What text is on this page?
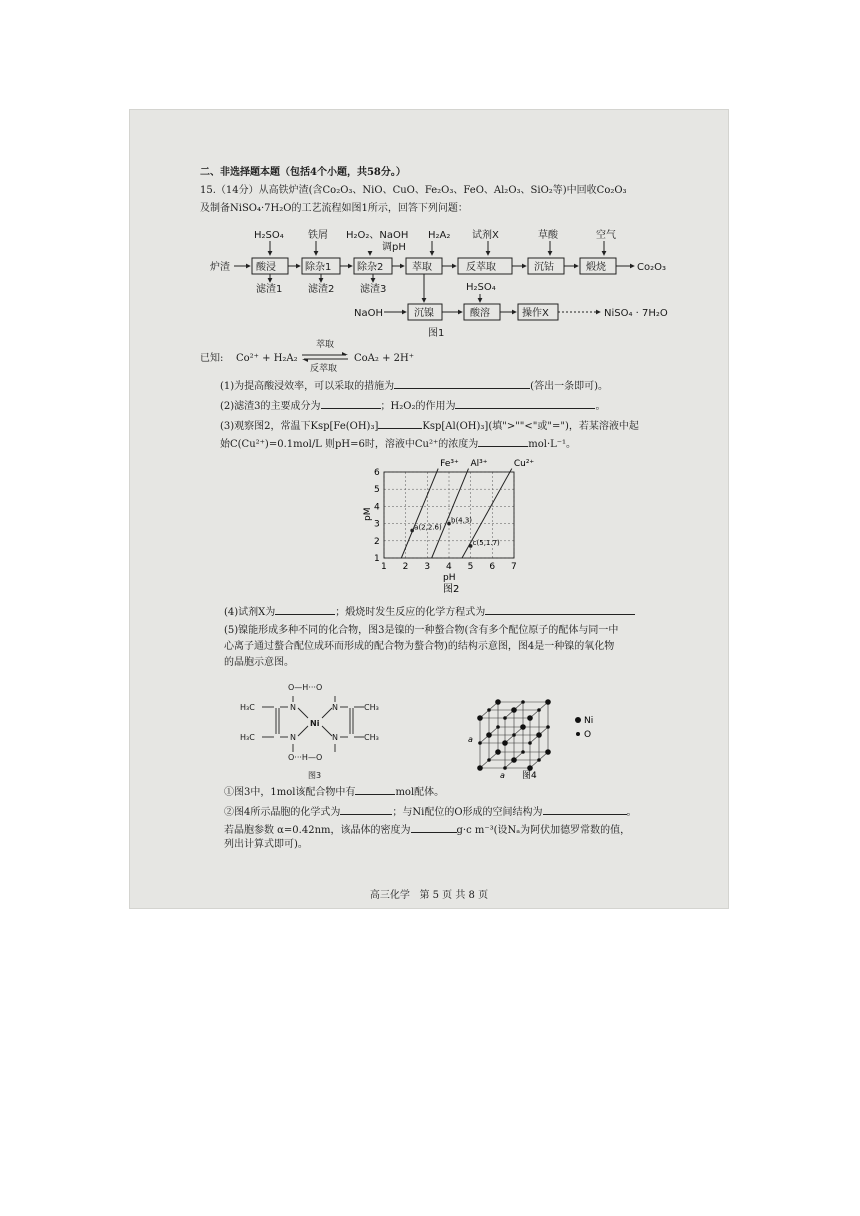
二、非选择题本题（包括4个小题，共58分。）
15.（14分）从高铁炉渣(含Co₂O₃、NiO、CuO、Fe₂O₃、FeO、Al₂O₃、SiO₂等)中回收Co₂O₃
及制备NiSO₄·7H₂O的工艺流程如图1所示，回答下列问题：
炉渣
H₂SO₄ 铁屑 H₂O₂、NaOH
调pH
H₂A₂ 试剂X	草酸	空气
酸浸	除杂1	除杂2	萃取	反萃取	沉钴	煅烧	Co₂O₃
滤渣1	滤渣2	滤渣3
NaOH
H₂SO₄
沉镍	酸溶	操作X	NiSO₄ · 7H₂O
图1
已知: Co²⁺ + H₂A₂
萃取
反萃取
CoA₂ + 2H⁺
(1)为提高酸浸效率，可以采取的措施为	(答出一条即可)。
(2)滤渣3的主要成分为	；H₂O₂的作用为	。
(3)观察图2，常温下Ksp[Fe(OH)₃]	Ksp[Al(OH)₃](填">""<"或"=")，若某溶液中起
始C(Cu²⁺)=0.1mol/L 则pH=6时，溶液中Cu²⁺的浓度为	mol·L⁻¹。
1
2
3
4
5
6
1 2 3 4 5 6 7
pH
pM
图2
Fe³⁺ Al³⁺	Cu²⁺
a(2,2.6)
b(4,3)
c(5,1.7)
(4)试剂X为	；煅烧时发生反应的化学方程式为
(5)镍能形成多种不同的化合物，图3是镍的一种螯合物(含有多个配位原子的配体与同一中
心离子通过螯合配位成环而形成的配合物为螯合物)的结构示意图，图4是一种镍的氧化物
的晶胞示意图。
O—H···O
O···H—O
Ni
N
N
N
N
H₃C
H₃C
CH₃
CH₃
图3
Ni
O
a
a 图4
①图3中，1mol该配合物中有	mol配体。
②图4所示晶胞的化学式为	；与Ni配位的O形成的空间结构为	。
若晶胞参数 α=0.42nm，该晶体的密度为	g·c m⁻³(设Nₐ为阿伏加德罗常数的值，
列出计算式即可)。
高三化学 第 5 页 共 8 页
